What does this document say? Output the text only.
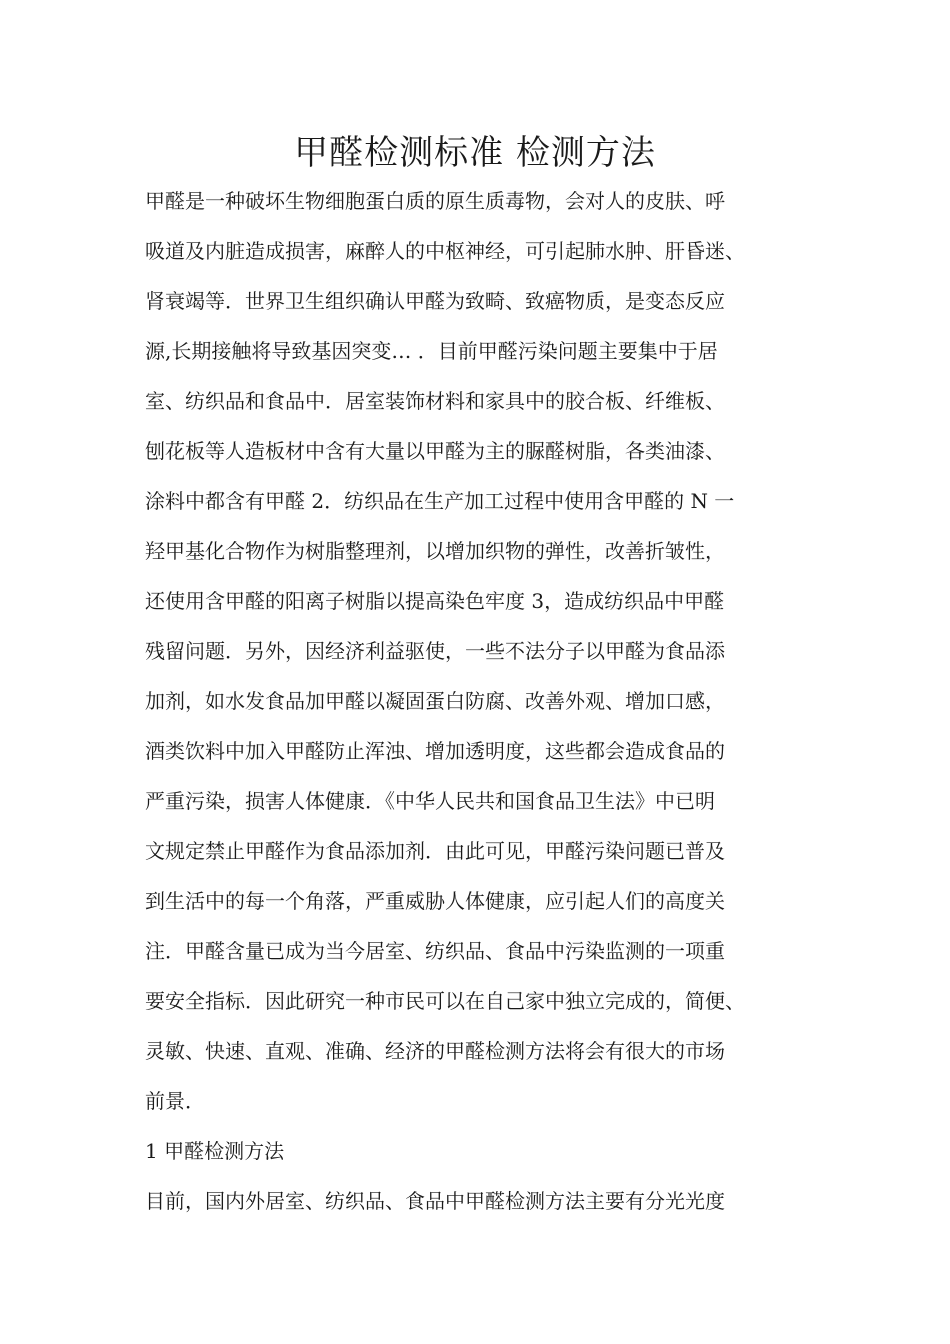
甲醛检测标准 检测方法
甲醛是一种破坏生物细胞蛋白质的原生质毒物，会对人的皮肤、呼
吸道及内脏造成损害，麻醉人的中枢神经，可引起肺水肿、肝昏迷、
肾衰竭等．世界卫生组织确认甲醛为致畸、致癌物质，是变态反应
源,长期接触将导致基因突变… ．目前甲醛污染问题主要集中于居
室、纺织品和食品中．居室装饰材料和家具中的胶合板、纤维板、
刨花板等人造板材中含有大量以甲醛为主的脲醛树脂，各类油漆、
涂料中都含有甲醛 2．纺织品在生产加工过程中使用含甲醛的 N 一
羟甲基化合物作为树脂整理剂，以增加织物的弹性，改善折皱性，
还使用含甲醛的阳离子树脂以提高染色牢度 3，造成纺织品中甲醛
残留问题．另外，因经济利益驱使，一些不法分子以甲醛为食品添
加剂，如水发食品加甲醛以凝固蛋白防腐、改善外观、增加口感，
酒类饮料中加入甲醛防止浑浊、增加透明度，这些都会造成食品的
严重污染，损害人体健康．《中华人民共和国食品卫生法》中已明
文规定禁止甲醛作为食品添加剂．由此可见，甲醛污染问题已普及
到生活中的每一个角落，严重威胁人体健康，应引起人们的高度关
注．甲醛含量已成为当今居室、纺织品、食品中污染监测的一项重
要安全指标．因此研究一种市民可以在自己家中独立完成的，简便、
灵敏、快速、直观、准确、经济的甲醛检测方法将会有很大的市场
前景．
1 甲醛检测方法
目前，国内外居室、纺织品、食品中甲醛检测方法主要有分光光度
